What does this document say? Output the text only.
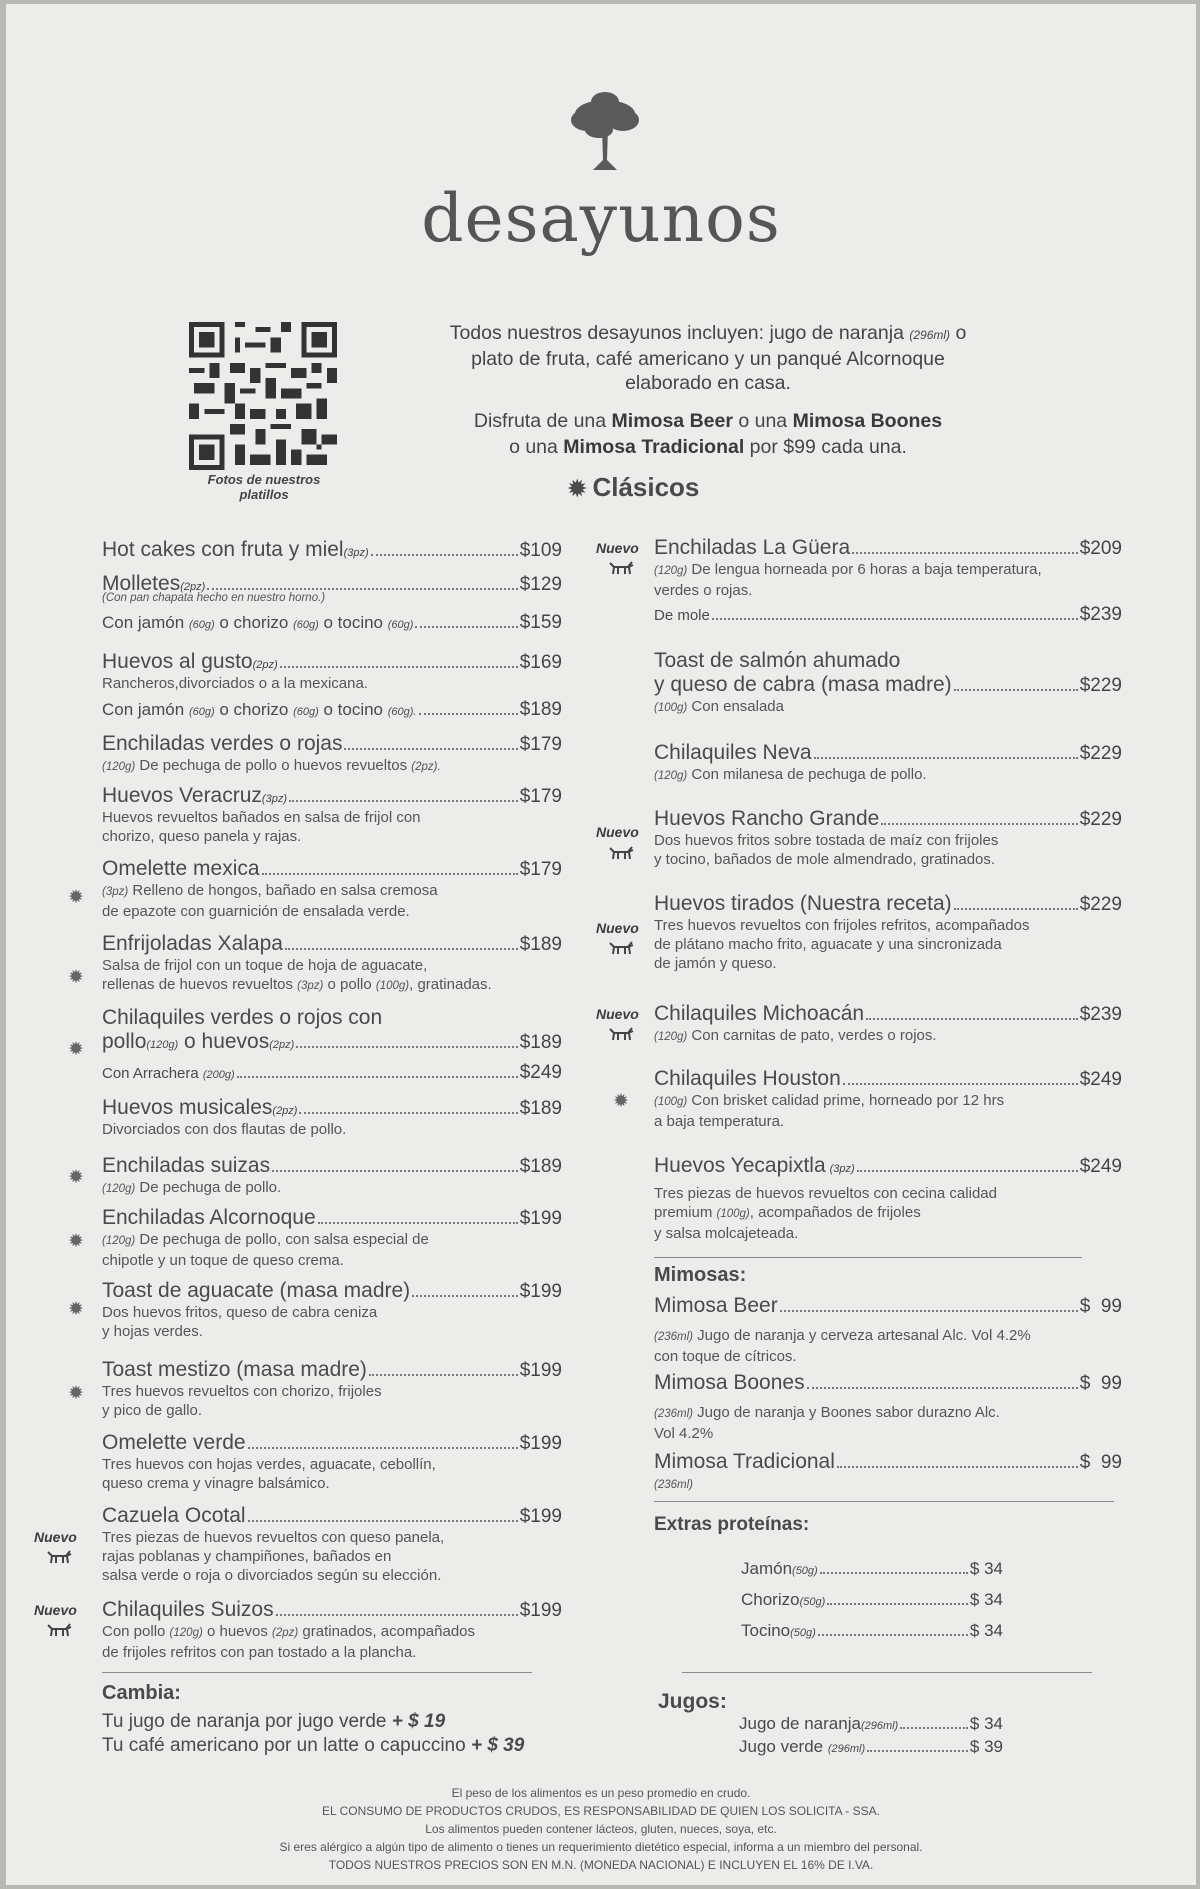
desayunos
Fotos de nuestros platillos
Todos nuestros desayunos incluyen: jugo de naranja (296ml) o
plato de fruta, café americano y un panqué Alcornoque
elaborado en casa.
Disfruta de una Mimosa Beer o una Mimosa Boones
o una Mimosa Tradicional por $99 cada una.
✹ Clásicos
Hot cakes con fruta y miel (3pz)	$109
Molletes (2pz)	$129
(Con pan chapata hecho en nuestro horno.)
Con jamón (60g) o chorizo (60g) o tocino (60g)	$159
Huevos al gusto (2pz)	$169
Rancheros,divorciados o a la mexicana.
Con jamón (60g) o chorizo (60g) o tocino (60g).	$189
Enchiladas verdes o rojas	$179
(120g) De pechuga de pollo o huevos revueltos (2pz).
Huevos Veracruz (3pz)	$179
Huevos revueltos bañados en salsa de frijol con
chorizo, queso panela y rajas.
Omelette mexica	$179
(3pz) Relleno de hongos, bañado en salsa cremosa
de epazote con guarnición de ensalada verde.
✹
Enfrijoladas Xalapa	$189
Salsa de frijol con un toque de hoja de aguacate,
rellenas de huevos revueltos (3pz) o pollo (100g), gratinadas.
✹
Chilaquiles verdes o rojos con
pollo(120g) o huevos(2pz)	$189
Con Arrachera (200g)	$249
✹
Huevos musicales (2pz)	$189
Divorciados con dos flautas de pollo.
Enchiladas suizas	$189
(120g) De pechuga de pollo.
✹
Enchiladas Alcornoque	$199
(120g) De pechuga de pollo, con salsa especial de
chipotle y un toque de queso crema.
✹
Toast de aguacate (masa madre)	$199
Dos huevos fritos, queso de cabra ceniza
y hojas verdes.
✹
Toast mestizo (masa madre)	$199
Tres huevos revueltos con chorizo, frijoles
y pico de gallo.
✹
Omelette verde	$199
Tres huevos con hojas verdes, aguacate, cebollín,
queso crema y vinagre balsámico.
Cazuela Ocotal	$199
Tres piezas de huevos revueltos con queso panela,
rajas poblanas y champiñones, bañados en
salsa verde o roja o divorciados según su elección.
Nuevo
Chilaquiles Suizos	$199
Con pollo (120g) o huevos (2pz) gratinados, acompañados
de frijoles refritos con pan tostado a la plancha.
Nuevo
Enchiladas La Güera	$209
(120g) De lengua horneada por 6 horas a baja temperatura,
verdes o rojas.
De mole	$239
Nuevo
Toast de salmón ahumado
y queso de cabra (masa madre)	$229
(100g) Con ensalada
Chilaquiles Neva	$229
(120g) Con milanesa de pechuga de pollo.
Huevos Rancho Grande	$229
Dos huevos fritos sobre tostada de maíz con frijoles
y tocino, bañados de mole almendrado, gratinados.
Nuevo
Huevos tirados (Nuestra receta)	$229
Tres huevos revueltos con frijoles refritos, acompañados
de plátano macho frito, aguacate y una sincronizada
de jamón y queso.
Nuevo
Chilaquiles Michoacán	$239
(120g) Con carnitas de pato, verdes o rojos.
Nuevo
Chilaquiles Houston	$249
(100g) Con brisket calidad prime, horneado por 12 hrs
a baja temperatura.
✹
Huevos Yecapixtla (3pz)	$249
Tres piezas de huevos revueltos con cecina calidad
premium (100g), acompañados de frijoles
y salsa molcajeteada.
Mimosas:
Mimosa Beer	$  99
(236ml) Jugo de naranja y cerveza artesanal Alc. Vol 4.2%
con toque de cítricos.
Mimosa Boones	$  99
(236ml) Jugo de naranja y Boones sabor durazno Alc.
Vol 4.2%
Mimosa Tradicional	$  99
(236ml)
Extras proteínas:
Jamón(50g)	$ 34
Chorizo(50g)	$ 34
Tocino(50g)	$ 34
Jugos:
Jugo de naranja(296ml)	$ 34
Jugo verde (296ml)	$ 39
Cambia:
Tu jugo de naranja por jugo verde + $ 19
Tu café americano por un latte o capuccino + $ 39
El peso de los alimentos es un peso promedio en crudo.
EL CONSUMO DE PRODUCTOS CRUDOS, ES RESPONSABILIDAD DE QUIEN LOS SOLICITA - SSA.
Los alimentos pueden contener lácteos, gluten, nueces, soya, etc.
Si eres alérgico a algún tipo de alimento o tienes un requerimiento dietético especial, informa a un miembro del personal.
TODOS NUESTROS PRECIOS SON EN M.N. (MONEDA NACIONAL) E INCLUYEN EL 16% DE I.VA.
